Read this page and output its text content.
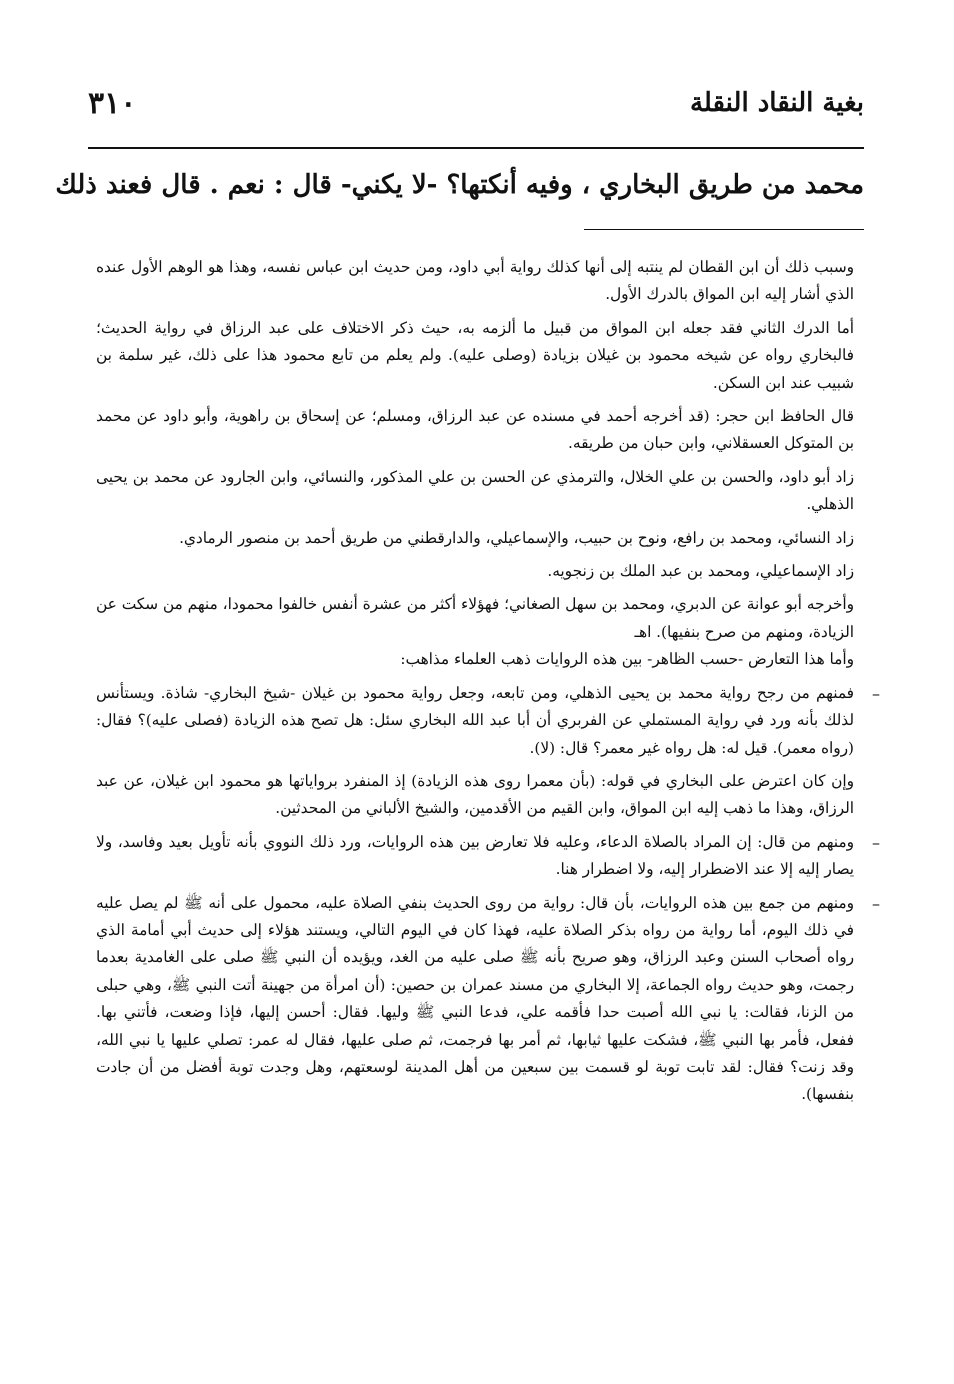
بغية النقاد النقلة
٣١٠
محمد من طريق البخاري ، وفيه أنكتها؟ -لا يكني- قال : نعم . قال فعند ذلك

وسبب ذلك أن ابن القطان لم ينتبه إلى أنها كذلك رواية أبي داود، ومن حديث ابن عباس نفسه، وهذا هو الوهم الأول عنده الذي أشار إليه ابن المواق بالدرك الأول.

أما الدرك الثاني فقد جعله ابن المواق من قبيل ما ألزمه به، حيث ذكر الاختلاف على عبد الرزاق في رواية الحديث؛ فالبخاري رواه عن شيخه محمود بن غيلان بزيادة (وصلى عليه). ولم يعلم من تابع محمود هذا على ذلك، غير سلمة بن شبيب عند ابن السكن.

قال الحافظ ابن حجر: (قد أخرجه أحمد في مسنده عن عبد الرزاق، ومسلم؛ عن إسحاق بن راهوية، وأبو داود عن محمد بن المتوكل العسقلاني، وابن حبان من طريقه.

زاد أبو داود، والحسن بن علي الخلال، والترمذي عن الحسن بن علي المذكور، والنسائي، وابن الجارود عن محمد بن يحيى الذهلي.

زاد النسائي، ومحمد بن رافع، ونوح بن حبيب، والإسماعيلي، والدارقطني من طريق أحمد بن منصور الرمادي.

زاد الإسماعيلي، ومحمد بن عبد الملك بن زنجويه.

وأخرجه أبو عوانة عن الدبري، ومحمد بن سهل الصغاني؛ فهؤلاء أكثر من عشرة أنفس خالفوا محمودا، منهم من سكت عن الزيادة، ومنهم من صرح بنفيها). اهـ

وأما هذا التعارض -حسب الظاهر- بين هذه الروايات ذهب العلماء مذاهب:

–
فمنهم من رجح رواية محمد بن يحيى الذهلي، ومن تابعه، وجعل رواية محمود بن غيلان -شيخ البخاري- شاذة. ويستأنس لذلك بأنه ورد في رواية المستملي عن الفربري أن أبا عبد الله البخاري سئل: هل تصح هذه الزيادة (فصلى عليه)؟ فقال: (رواه معمر). قيل له: هل رواه غير معمر؟ قال: (لا).

وإن كان اعترض على البخاري في قوله: (بأن معمرا روى هذه الزيادة) إذ المنفرد برواياتها هو محمود ابن غيلان، عن عبد الرزاق، وهذا ما ذهب إليه ابن المواق، وابن القيم من الأقدمين، والشيخ الألباني من المحدثين.

–
ومنهم من قال: إن المراد بالصلاة الدعاء، وعليه فلا تعارض بين هذه الروايات، ورد ذلك النووي بأنه تأويل بعيد وفاسد، ولا يصار إليه إلا عند الاضطرار إليه، ولا اضطرار هنا.
–
ومنهم من جمع بين هذه الروايات، بأن قال: رواية من روى الحديث بنفي الصلاة عليه، محمول على أنه ﷺ لم يصل عليه في ذلك اليوم، أما رواية من رواه بذكر الصلاة عليه، فهذا كان في اليوم التالي، ويستند هؤلاء إلى حديث أبي أمامة الذي رواه أصحاب السنن وعبد الرزاق، وهو صريح بأنه ﷺ صلى عليه من الغد، ويؤيده أن النبي ﷺ صلى على الغامدية بعدما رجمت، وهو حديث رواه الجماعة، إلا البخاري من مسند عمران بن حصين: (أن امرأة من جهينة أتت النبي ﷺ، وهي حبلى من الزنا، فقالت: يا نبي الله أصبت حدا فأقمه علي، فدعا النبي ﷺ وليها. فقال: أحسن إليها، فإذا وضعت، فأتني بها. ففعل، فأمر بها النبي ﷺ، فشكت عليها ثيابها، ثم أمر بها فرجمت، ثم صلى عليها، فقال له عمر: تصلي عليها يا نبي الله، وقد زنت؟ فقال: لقد تابت توبة لو قسمت بين سبعين من أهل المدينة لوسعتهم، وهل وجدت توبة أفضل من أن جادت بنفسها).
